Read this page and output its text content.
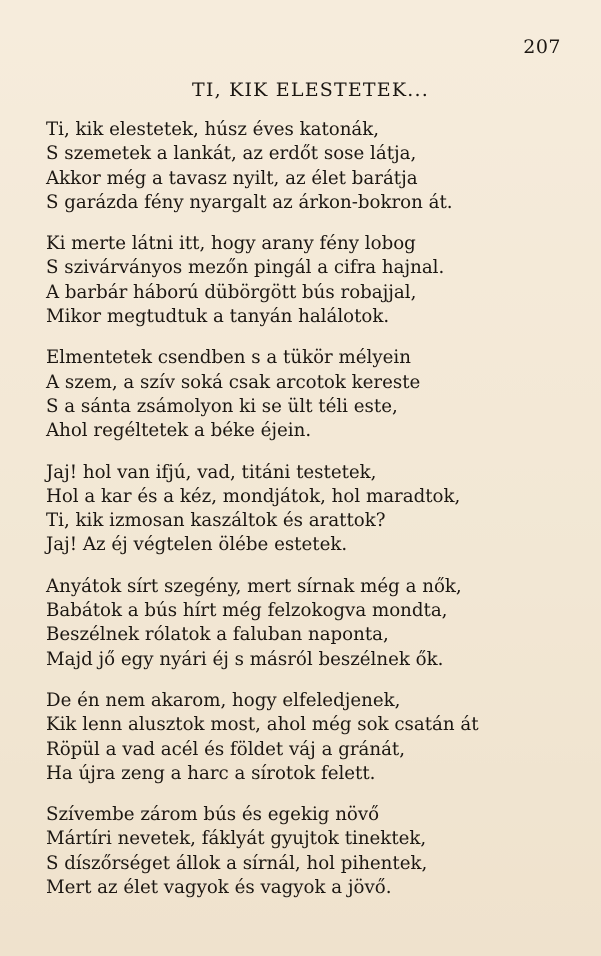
207
TI, KIK ELESTETEK...
Ti, kik elestetek, húsz éves katonák,
S szemetek a lankát, az erdőt sose látja,
Akkor még a tavasz nyilt, az élet barátja
S garázda fény nyargalt az árkon-bokron át.
Ki merte látni itt, hogy arany fény lobog
S szivárványos mezőn pingál a cifra hajnal.
A barbár háború dübörgött bús robajjal,
Mikor megtudtuk a tanyán halálotok.
Elmentetek csendben s a tükör mélyein
A szem, a szív soká csak arcotok kereste
S a sánta zsámolyon ki se ült téli este,
Ahol regéltetek a béke éjein.
Jaj! hol van ifjú, vad, titáni testetek,
Hol a kar és a kéz, mondjátok, hol maradtok,
Ti, kik izmosan kaszáltok és arattok?
Jaj! Az éj végtelen ölébe estetek.
Anyátok sírt szegény, mert sírnak még a nők,
Babátok a bús hírt még felzokogva mondta,
Beszélnek rólatok a faluban naponta,
Majd jő egy nyári éj s másról beszélnek ők.
De én nem akarom, hogy elfeledjenek,
Kik lenn alusztok most, ahol még sok csatán át
Röpül a vad acél és földet váj a gránát,
Ha újra zeng a harc a sírotok felett.
Szívembe zárom bús és egekig növő
Mártíri nevetek, fáklyát gyujtok tinektek,
S díszőrséget állok a sírnál, hol pihentek,
Mert az élet vagyok és vagyok a jövő.
